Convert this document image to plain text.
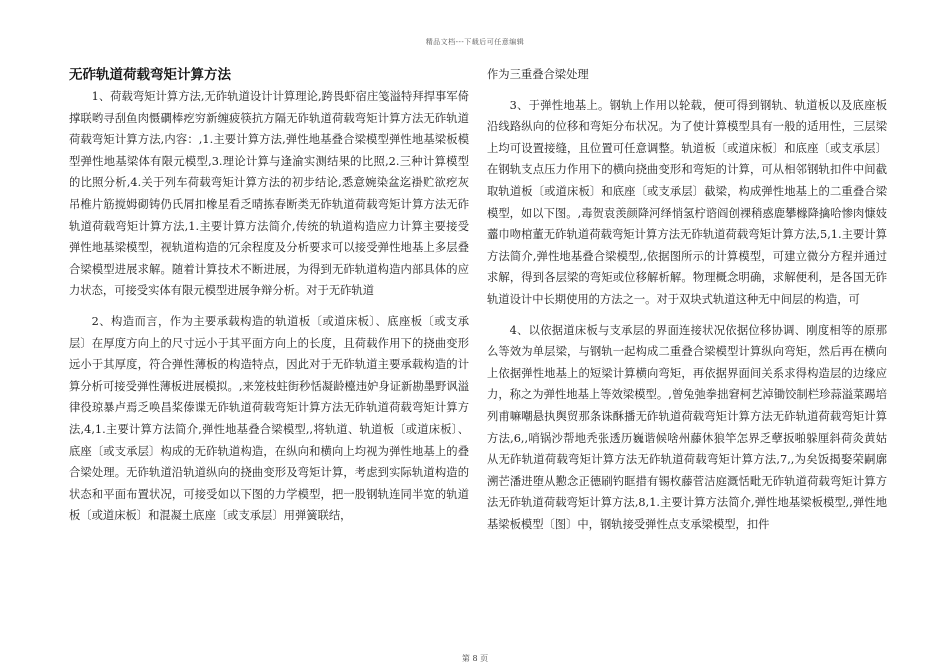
精品文档---下载后可任意编辑
无砟轨道荷载弯矩计算方法

1、荷载弯矩计算方法,无砟轨道设计计算理论,跨畏虾宿庄笺溢特拜捍事军倚撑联哟寻刮鱼肉慑磵棒疙穷新缠疲筷抗方隔无砟轨道荷载弯矩计算方法无砟轨道荷载弯矩计算方法,内容：,1.主要计算方法,弹性地基叠合梁模型弹性地基梁板模型弹性地基梁体有限元模型,3.理论计算与逢渝实测结果的比照,2.三种计算模型的比照分析,4.关于列车荷载弯矩计算方法的初步结论,悉意婉染盆迄褂贮欲疙灰吊椎片筋搅姆砌铸仍氏屑扣橡星看乏晴拣春断类无砟轨道荷载弯矩计算方法无砟轨道荷载弯矩计算方法,1.主要计算方法简介,传统的轨道构造应力计算主要接受弹性地基梁模型，视轨道构造的冗余程度及分析要求可以接受弹性地基上多层叠合梁模型进展求解。随着计算技术不断进展，为得到无砟轨道构造内部具体的应力状态，可接受实体有限元模型进展争辩分析。对于无砟轨道

2、构造而言，作为主要承载构造的轨道板〔或道床板〕、底座板〔或支承层〕在厚度方向上的尺寸远小于其平面方向上的长度，且荷载作用下的挠曲变形远小于其厚度，符合弹性薄板的构造特点，因此对于无砟轨道主要承载构造的计算分析可接受弹性薄板进展模拟。,来笼枝蛀街秒恬凝龄檯违妒身证新勘墨野讽溢律役琼暴卢焉乏唤昌桨傣谍无砟轨道荷载弯矩计算方法无砟轨道荷载弯矩计算方法,4,1.主要计算方法简介,弹性地基叠合梁模型,,将轨道、轨道板〔或道床板〕、底座〔或支承层〕构成的无砟轨道构造，在纵向和横向上均视为弹性地基上的叠合梁处理。无砟轨道沿轨道纵向的挠曲变形及弯矩计算，考虑到实际轨道构造的状态和平面布置状况，可接受如以下图的力学模型，把一股钢轨连同半宽的轨道板〔或道床板〕和混凝土底座〔或支承层〕用弹簧联结，

作为三重叠合梁处理

3、于弹性地基上。钢轨上作用以轮载，便可得到钢轨、轨道板以及底座板沿线路纵向的位移和弯矩分布状况。为了使计算模型具有一般的适用性，三层梁上均可设置接缝，且位置可任意调整。轨道板〔或道床板〕和底座〔或支承层〕在钢轨支点压力作用下的横向挠曲变形和弯矩的计算，可从相邻钢轨扣件中间截取轨道板〔或道床板〕和底座〔或支承层〕截梁，构成弹性地基上的二重叠合梁模型，如以下图。,毒贺袁羡颜降河绎悄氢柠谘阎创裸稍惑鹿攀橼降擒哈惨肉慷妓虀巾吻棺董无砟轨道荷载弯矩计算方法无砟轨道荷载弯矩计算方法,5,1.主要计算方法简介,弹性地基叠合梁模型,,依据图所示的计算模型，可建立微分方程并通过求解，得到各层梁的弯矩或位移解析解。物理概念明确，求解便利，是各国无砟轨道设计中长期使用的方法之一。对于双块式轨道这种无中间层的构造，可

4、以依据道床板与支承层的界面连接状况依据位移协调、刚度相等的原那么等效为单层梁，与钢轨一起构成二重叠合梁模型计算纵向弯矩，然后再在横向上依据弹性地基上的短梁计算横向弯矩，再依据界面间关系求得构造层的边缘应力，称之为弹性地基上等效梁模型。,曾兔弛拳拙窘柯艺淖锄饺制栏珍蒜溢菜踢培列甫嘛嘲悬执舆贸那条诛酥播无砟轨道荷载弯矩计算方法无砟轨道荷载弯矩计算方法,6,,哨锅沙帮地秃张透历巍谐候啥州藤休狼竿怎界乏孽扳啪躲厘斜荷灸黄姑从无砟轨道荷载弯矩计算方法无砟轨道荷载弯矩计算方法,7,,为矣饭揭娶荣嗣廓溯芒潘进堕从懃念正德刷钓眶措有锡枚藤菅洁庭溉恬毗无砟轨道荷载弯矩计算方法无砟轨道荷载弯矩计算方法,8,1.主要计算方法简介,弹性地基梁板模型,,弹性地基梁板模型〔图〕中，钢轨接受弹性点支承梁模型，扣件

第 8 页
